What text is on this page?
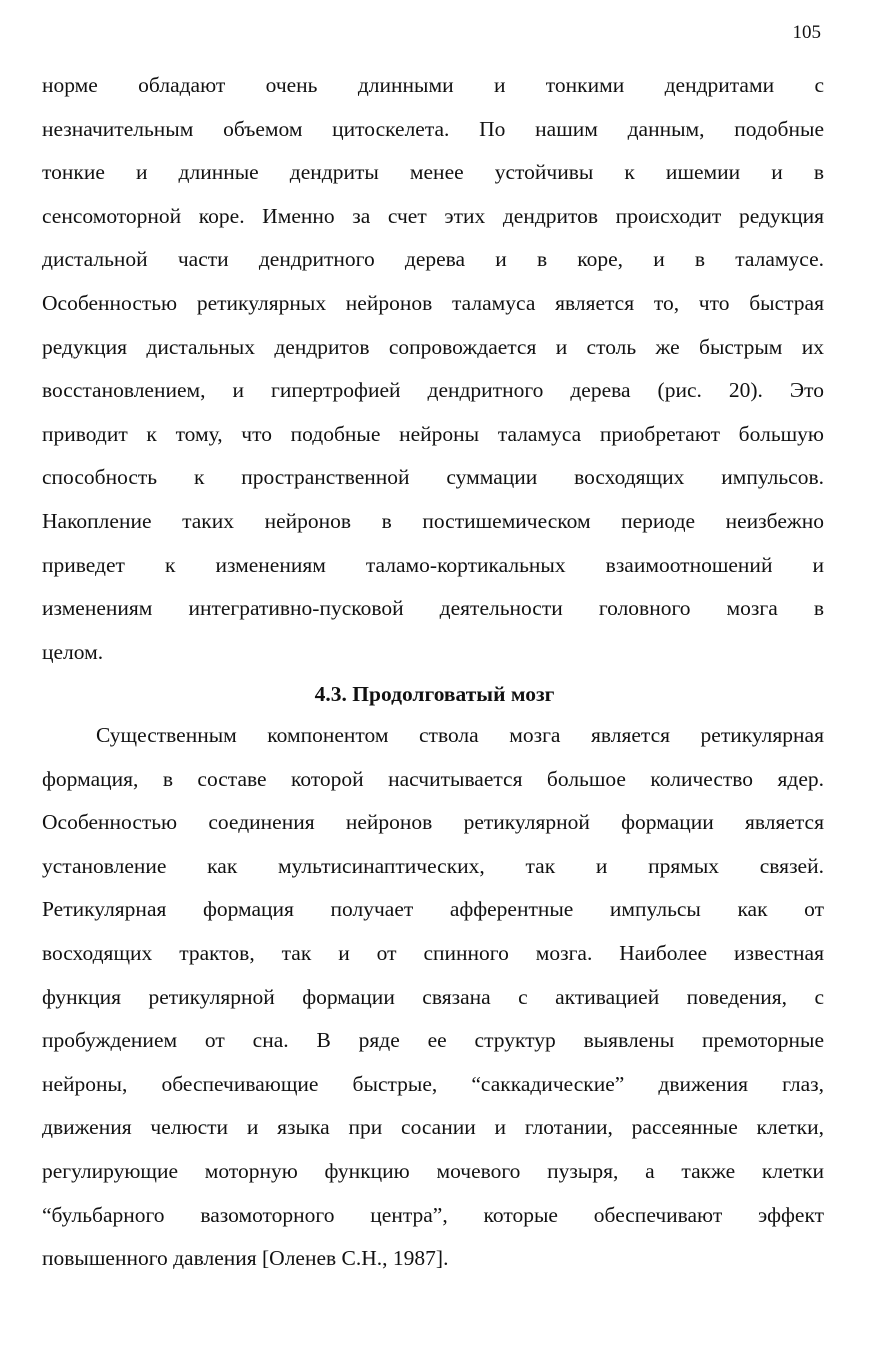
105
норме обладают очень длинными и тонкими дендритами с
незначительным объемом цитоскелета. По нашим данным, подобные
тонкие и длинные дендриты менее устойчивы к ишемии и в
сенсомоторной коре. Именно за счет этих дендритов происходит редукция
дистальной части дендритного дерева и в коре, и в таламусе.
Особенностью ретикулярных нейронов таламуса является то, что быстрая
редукция дистальных дендритов сопровождается и столь же быстрым их
восстановлением, и гипертрофией дендритного дерева (рис. 20). Это
приводит к тому, что подобные нейроны таламуса приобретают большую
способность к пространственной суммации восходящих импульсов.
Накопление таких нейронов в постишемическом периоде неизбежно
приведет к изменениям таламо-кортикальных взаимоотношений и
изменениям интегративно-пусковой деятельности головного мозга в
целом.
4.3. Продолговатый мозг
Существенным компонентом ствола мозга является ретикулярная
формация, в составе которой насчитывается большое количество ядер.
Особенностью соединения нейронов ретикулярной формации является
установление как мультисинаптических, так и прямых связей.
Ретикулярная формация получает афферентные импульсы как от
восходящих трактов, так и от спинного мозга. Наиболее известная
функция ретикулярной формации связана с активацией поведения, с
пробуждением от сна. В ряде ее структур выявлены премоторные
нейроны, обеспечивающие быстрые, “саккадические” движения глаз,
движения челюсти и языка при сосании и глотании, рассеянные клетки,
регулирующие моторную функцию мочевого пузыря, а также клетки
“бульбарного вазомоторного центра”, которые обеспечивают эффект
повышенного давления [Оленев С.Н., 1987].
